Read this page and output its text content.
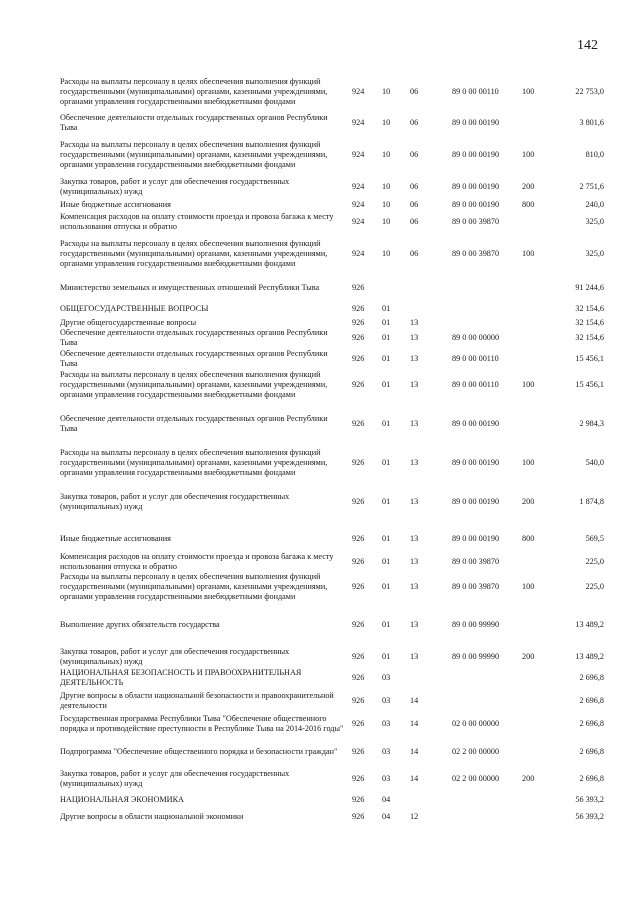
142
Расходы на выплаты персоналу в целях обеспечения выполнения функций государственными (муниципальными) органами, казенными учреждениями, органами управления государственными внебюджетными фондами	924	10	06	89 0 00 00110	100	22 753,0
Обеспечение деятельности отдельных государственных органов Республики Тыва	924	10	06	89 0 00 00190		3 801,6
Расходы на выплаты персоналу в целях обеспечения выполнения функций государственными (муниципальными) органами, казенными учреждениями, органами управления государственными внебюджетными фондами	924	10	06	89 0 00 00190	100	810,0
Закупка товаров, работ и услуг для обеспечения государственных (муниципальных) нужд	924	10	06	89 0 00 00190	200	2 751,6
Иные бюджетные ассигнования	924	10	06	89 0 00 00190	800	240,0
Компенсация расходов на оплату стоимости проезда и провоза багажа к месту использования отпуска и обратно	924	10	06	89 0 00 39870		325,0
Расходы на выплаты персоналу в целях обеспечения выполнения функций государственными (муниципальными) органами, казенными учреждениями, органами управления государственными внебюджетными фондами	924	10	06	89 0 00 39870	100	325,0
Министерство земельных и имущественных отношений Республики Тыва	926					91 244,6
ОБЩЕГОСУДАРСТВЕННЫЕ ВОПРОСЫ	926	01				32 154,6
Другие общегосударственные вопросы	926	01	13			32 154,6
Обеспечение деятельности отдельных государственных органов Республики Тыва	926	01	13	89 0 00 00000		32 154,6
Обеспечение деятельности отдельных государственных органов Республики Тыва	926	01	13	89 0 00 00110		15 456,1
Расходы на выплаты персоналу в целях обеспечения выполнения функций государственными (муниципальными) органами, казенными учреждениями, органами управления государственными внебюджетными фондами	926	01	13	89 0 00 00110	100	15 456,1
Обеспечение деятельности отдельных государственных органов Республики Тыва	926	01	13	89 0 00 00190		2 984,3
Расходы на выплаты персоналу в целях обеспечения выполнения функций государственными (муниципальными) органами, казенными учреждениями, органами управления государственными внебюджетными фондами	926	01	13	89 0 00 00190	100	540,0
Закупка товаров, работ и услуг для обеспечения государственных (муниципальных) нужд	926	01	13	89 0 00 00190	200	1 874,8
Иные бюджетные ассигнования	926	01	13	89 0 00 00190	800	569,5
Компенсация расходов на оплату стоимости проезда и провоза багажа к месту использования отпуска и обратно	926	01	13	89 0 00 39870		225,0
Расходы на выплаты персоналу в целях обеспечения выполнения функций государственными (муниципальными) органами, казенными учреждениями, органами управления государственными внебюджетными фондами	926	01	13	89 0 00 39870	100	225,0
Выполнение других обязательств государства	926	01	13	89 0 00 99990		13 489,2
Закупка товаров, работ и услуг для обеспечения государственных (муниципальных) нужд	926	01	13	89 0 00 99990	200	13 489,2
НАЦИОНАЛЬНАЯ БЕЗОПАСНОСТЬ И ПРАВООХРАНИТЕЛЬНАЯ ДЕЯТЕЛЬНОСТЬ	926	03				2 696,8
Другие вопросы в области национальной безопасности и правоохранительной деятельности	926	03	14			2 696,8
Государственная программа Республики Тыва "Обеспечение общественного порядка и противодействие преступности в Республике Тыва на 2014-2016 годы"	926	03	14	02 0 00 00000		2 696,8
Подпрограмма "Обеспечение общественного порядка и безопасности граждан"	926	03	14	02 2 00 00000		2 696,8
Закупка товаров, работ и услуг для обеспечения государственных (муниципальных) нужд	926	03	14	02 2 00 00000	200	2 696,8
НАЦИОНАЛЬНАЯ ЭКОНОМИКА	926	04				56 393,2
Другие вопросы в области национальной экономики	926	04	12			56 393,2
